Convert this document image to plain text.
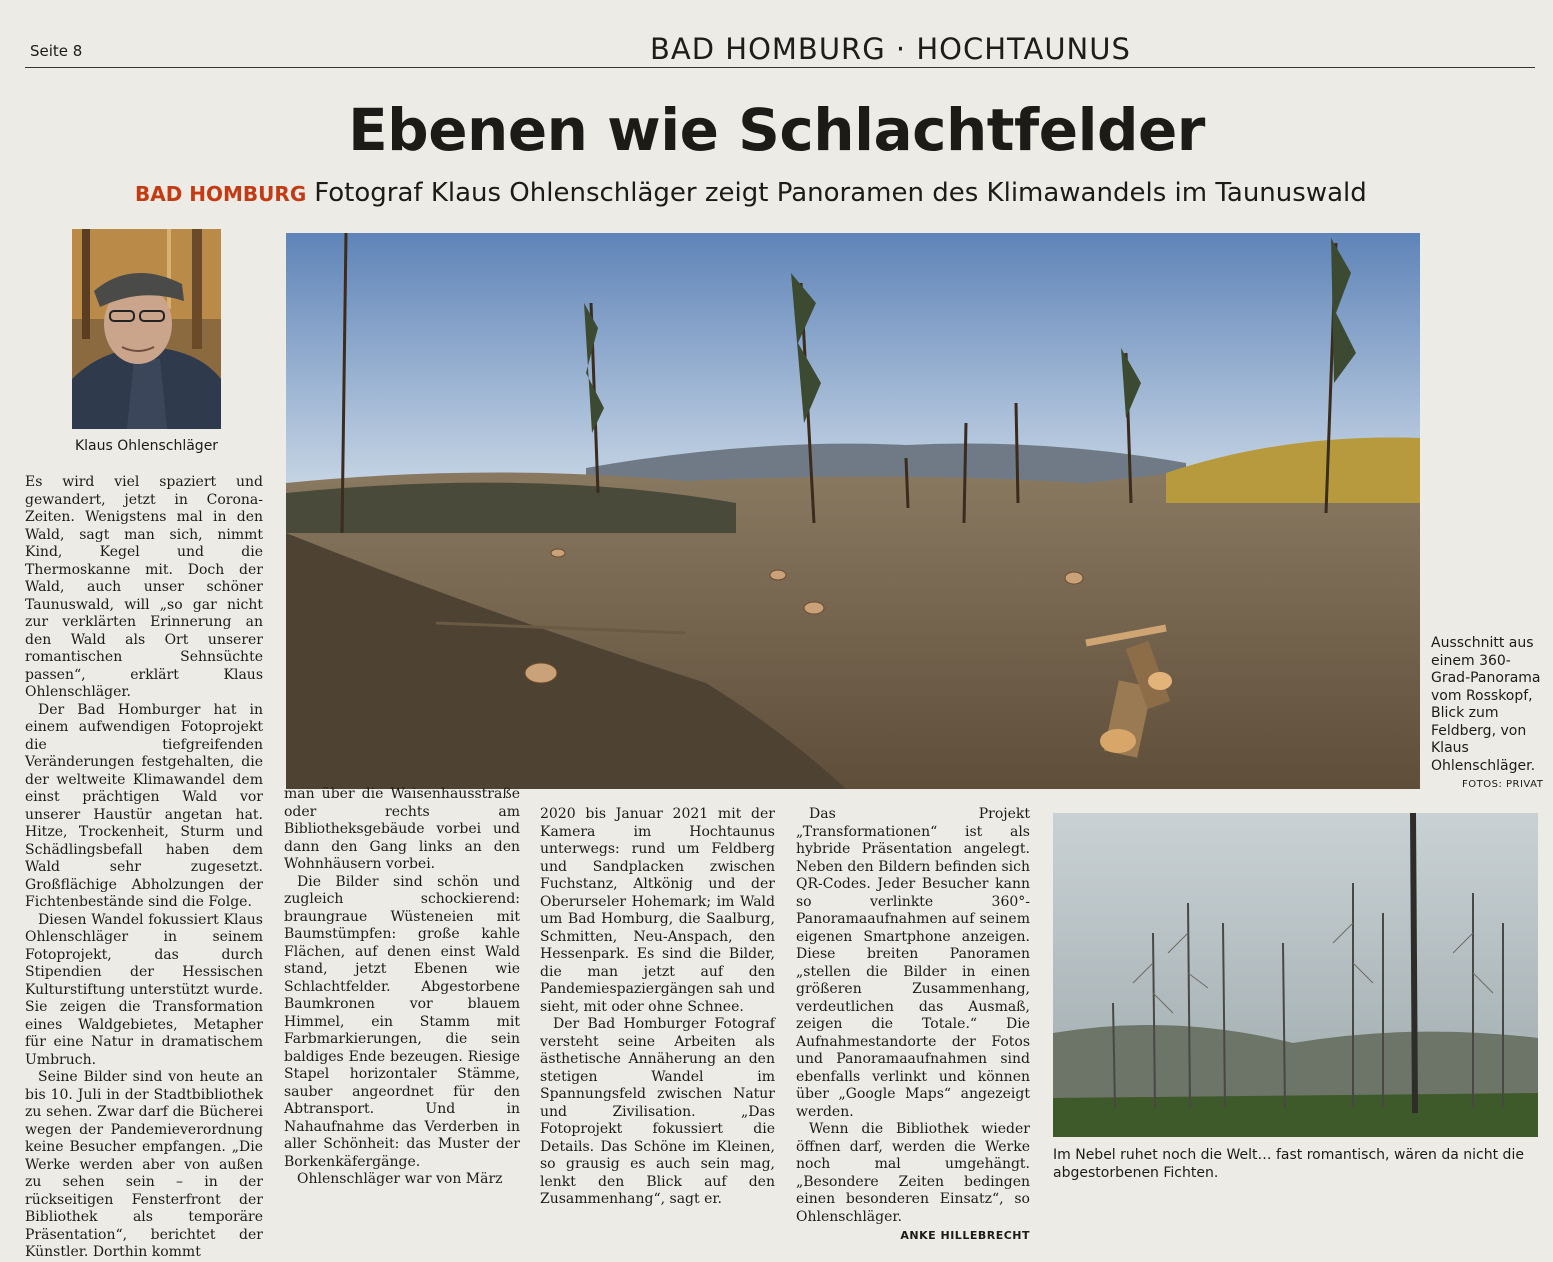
Seite 8	BAD HOMBURG · HOCHTAUNUS
Ebenen wie Schlachtfelder
BAD HOMBURG Fotograf Klaus Ohlenschläger zeigt Panoramen des Klimawandels im Taunuswald
Klaus Ohlenschläger
Ausschnitt aus einem 360-Grad-Panorama vom Rosskopf, Blick zum Feldberg, von Klaus Ohlenschläger.
FOTOS: PRIVAT
Im Nebel ruhet noch die Welt… fast romantisch, wären da nicht die abgestorbenen Fichten.

Es wird viel spaziert und gewandert, jetzt in Corona-Zeiten. Wenigstens mal in den Wald, sagt man sich, nimmt Kind, Kegel und die Thermoskanne mit. Doch der Wald, auch unser schöner Taunuswald, will „so gar nicht zur verklärten Erinnerung an den Wald als Ort unserer romantischen Sehnsüchte passen“, erklärt Klaus Ohlenschläger.

Der Bad Homburger hat in einem aufwendigen Fotoprojekt die tiefgreifenden Veränderungen festgehalten, die der weltweite Klimawandel dem einst prächtigen Wald vor unserer Haustür angetan hat. Hitze, Trockenheit, Sturm und Schädlingsbefall haben dem Wald sehr zugesetzt. Großflächige Abholzungen der Fichtenbestände sind die Folge.

Diesen Wandel fokussiert Klaus Ohlenschläger in seinem Fotoprojekt, das durch Stipendien der Hessischen Kulturstiftung unterstützt wurde. Sie zeigen die Transformation eines Waldgebietes, Metapher für eine Natur in dramatischem Umbruch.

Seine Bilder sind von heute an bis 10. Juli in der Stadtbibliothek zu sehen. Zwar darf die Bücherei wegen der Pandemieverordnung keine Besucher empfangen. „Die Werke werden aber von außen zu sehen sein – in der rückseitigen Fensterfront der Bibliothek als temporäre Präsentation“, berichtet der Künstler. Dorthin kommt

man über die Waisenhausstraße oder rechts am Bibliotheksgebäude vorbei und dann den Gang links an den Wohnhäusern vorbei.

Die Bilder sind schön und zugleich schockierend: braungraue Wüsteneien mit Baumstümpfen: große kahle Flächen, auf denen einst Wald stand, jetzt Ebenen wie Schlachtfelder. Abgestorbene Baumkronen vor blauem Himmel, ein Stamm mit Farbmarkierungen, die sein baldiges Ende bezeugen. Riesige Stapel horizontaler Stämme, sauber angeordnet für den Abtransport. Und in Nahaufnahme das Verderben in aller Schönheit: das Muster der Borkenkäfergänge.

Ohlenschläger war von März

2020 bis Januar 2021 mit der Kamera im Hochtaunus unterwegs: rund um Feldberg und Sandplacken zwischen Fuchstanz, Altkönig und der Oberurseler Hohemark; im Wald um Bad Homburg, die Saalburg, Schmitten, Neu-Anspach, den Hessenpark. Es sind die Bilder, die man jetzt auf den Pandemiespaziergängen sah und sieht, mit oder ohne Schnee.

Der Bad Homburger Fotograf versteht seine Arbeiten als ästhetische Annäherung an den stetigen Wandel im Spannungsfeld zwischen Natur und Zivilisation. „Das Fotoprojekt fokussiert die Details. Das Schöne im Kleinen, so grausig es auch sein mag, lenkt den Blick auf den Zusammenhang“, sagt er.

Das Projekt „Transformationen“ ist als hybride Präsentation angelegt. Neben den Bildern befinden sich QR-Codes. Jeder Besucher kann so verlinkte 360°-Panoramaaufnahmen auf seinem eigenen Smartphone anzeigen. Diese breiten Panoramen „stellen die Bilder in einen größeren Zusammenhang, verdeutlichen das Ausmaß, zeigen die Totale.“ Die Aufnahmestandorte der Fotos und Panoramaaufnahmen sind ebenfalls verlinkt und können über „Google Maps“ angezeigt werden.

Wenn die Bibliothek wieder öffnen darf, werden die Werke noch mal umgehängt. „Besondere Zeiten bedingen einen besonderen Einsatz“, so Ohlenschläger.

ANKE HILLEBRECHT
